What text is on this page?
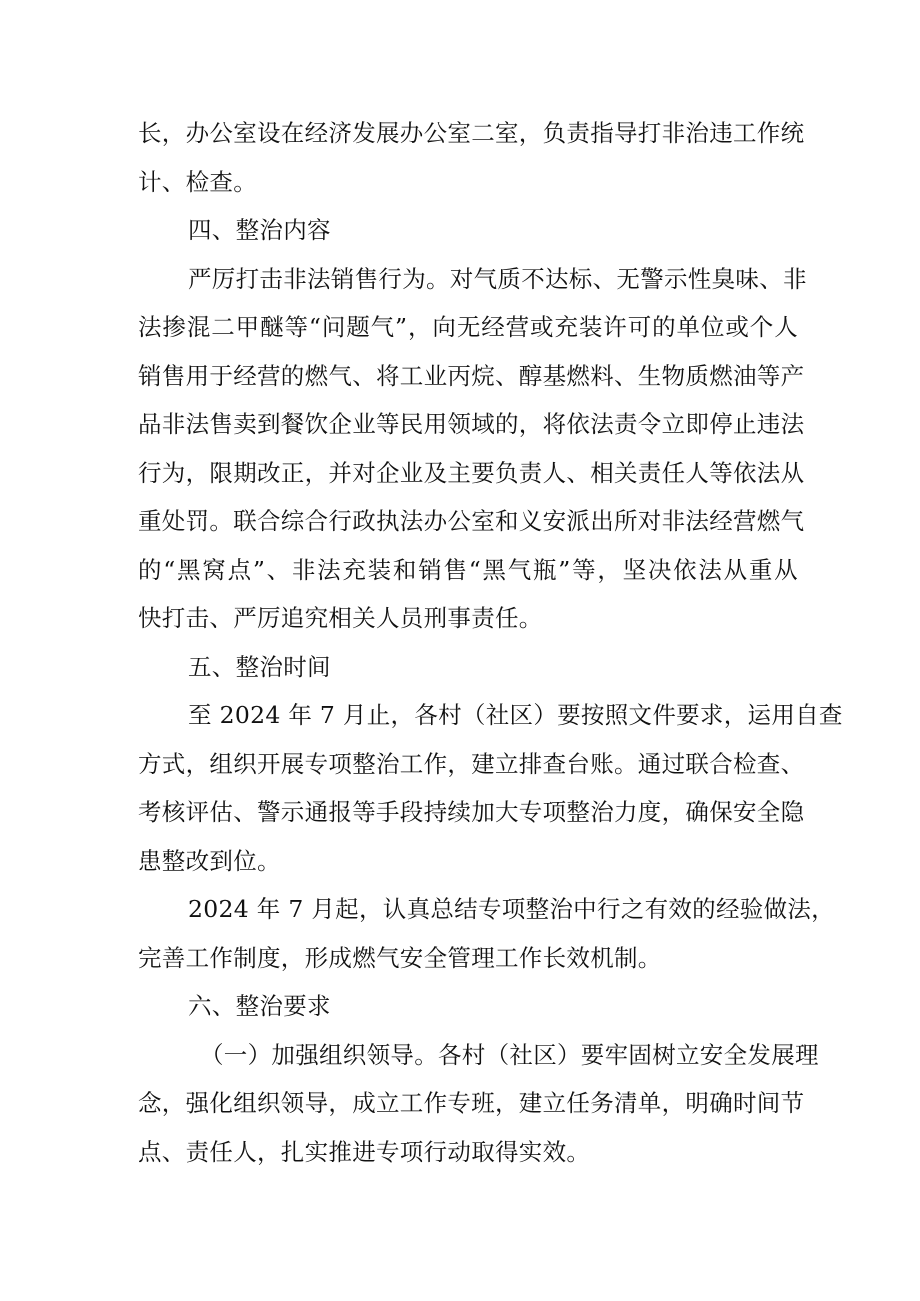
长，办公室设在经济发展办公室二室，负责指导打非治违工作统
计、检查。
四、整治内容
严厉打击非法销售行为。对气质不达标、无警示性臭味、非
法掺混二甲醚等“问题气”，向无经营或充装许可的单位或个人
销售用于经营的燃气、将工业丙烷、醇基燃料、生物质燃油等产
品非法售卖到餐饮企业等民用领域的，将依法责令立即停止违法
行为，限期改正，并对企业及主要负责人、相关责任人等依法从
重处罚。联合综合行政执法办公室和义安派出所对非法经营燃气
的“黑窝点”、非法充装和销售“黑气瓶”等，坚决依法从重从
快打击、严厉追究相关人员刑事责任。
五、整治时间
至 2024 年 7 月止，各村（社区）要按照文件要求，运用自查
方式，组织开展专项整治工作，建立排查台账。通过联合检查、
考核评估、警示通报等手段持续加大专项整治力度，确保安全隐
患整改到位。
2024 年 7 月起，认真总结专项整治中行之有效的经验做法，
完善工作制度，形成燃气安全管理工作长效机制。
六、整治要求
（一）加强组织领导。各村（社区）要牢固树立安全发展理
念，强化组织领导，成立工作专班，建立任务清单，明确时间节
点、责任人，扎实推进专项行动取得实效。
